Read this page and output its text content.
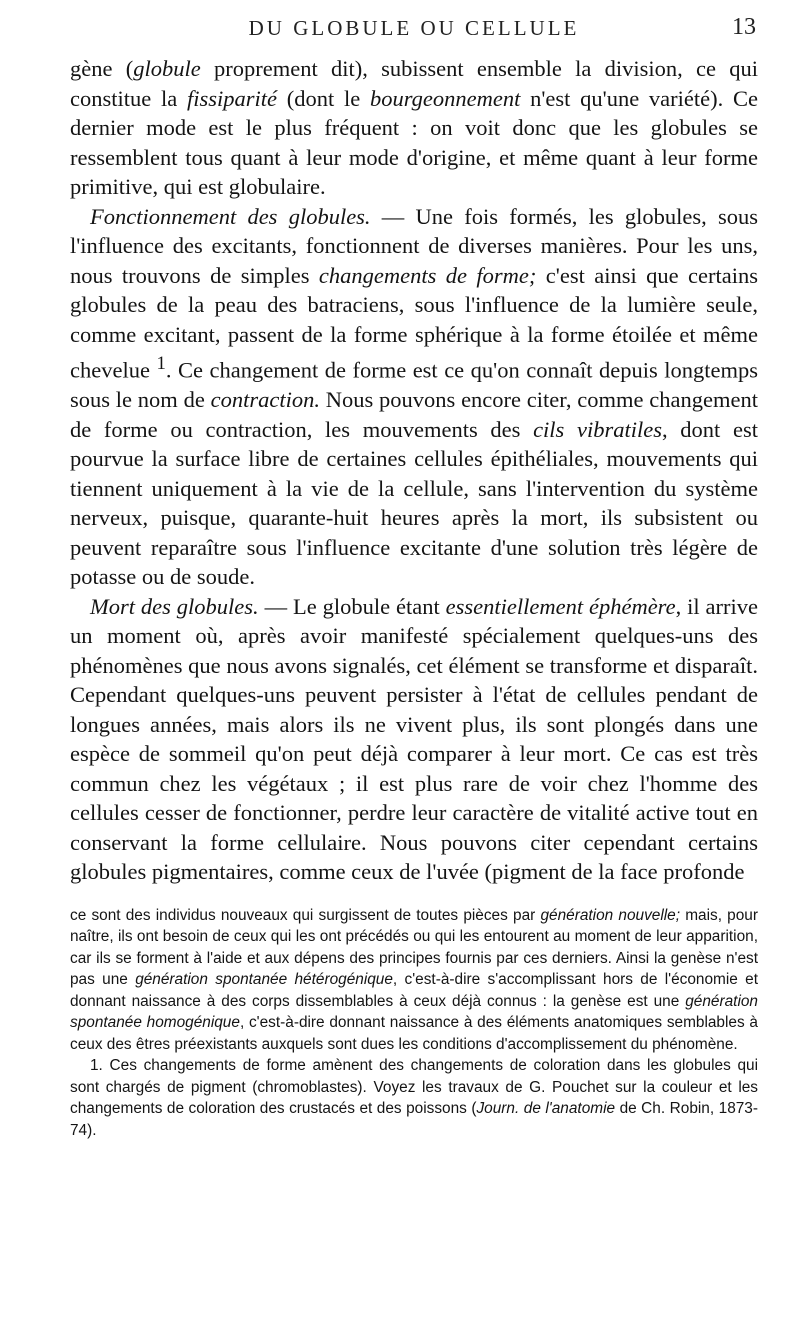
DU GLOBULE OU CELLULE	13

gène (globule proprement dit), subissent ensemble la division, ce qui constitue la fissiparité (dont le bourgeonnement n'est qu'une variété). Ce dernier mode est le plus fréquent : on voit donc que les globules se ressemblent tous quant à leur mode d'origine, et même quant à leur forme primitive, qui est globulaire.

Fonctionnement des globules. — Une fois formés, les globules, sous l'influence des excitants, fonctionnent de diverses manières. Pour les uns, nous trouvons de simples changements de forme; c'est ainsi que certains globules de la peau des batraciens, sous l'influence de la lumière seule, comme excitant, passent de la forme sphérique à la forme étoilée et même chevelue $^1$. Ce changement de forme est ce qu'on connaît depuis longtemps sous le nom de contraction. Nous pouvons encore citer, comme changement de forme ou contraction, les mouvements des cils vibratiles, dont est pourvue la surface libre de certaines cellules épithéliales, mouvements qui tiennent uniquement à la vie de la cellule, sans l'intervention du système nerveux, puisque, quarante-huit heures après la mort, ils subsistent ou peuvent reparaître sous l'influence excitante d'une solution très légère de potasse ou de soude.

Mort des globules. — Le globule étant essentiellement éphémère, il arrive un moment où, après avoir manifesté spécialement quelques-uns des phénomènes que nous avons signalés, cet élément se transforme et disparaît. Cependant quelques-uns peuvent persister à l'état de cellules pendant de longues années, mais alors ils ne vivent plus, ils sont plongés dans une espèce de sommeil qu'on peut déjà comparer à leur mort. Ce cas est très commun chez les végétaux ; il est plus rare de voir chez l'homme des cellules cesser de fonctionner, perdre leur caractère de vitalité active tout en conservant la forme cellulaire. Nous pouvons citer cependant certains globules pigmentaires, comme ceux de l'uvée (pigment de la face profonde

ce sont des individus nouveaux qui surgissent de toutes pièces par génération nouvelle; mais, pour naître, ils ont besoin de ceux qui les ont précédés ou qui les entourent au moment de leur apparition, car ils se forment à l'aide et aux dépens des principes fournis par ces derniers. Ainsi la genèse n'est pas une génération spontanée hétérogénique, c'est-à-dire s'accomplissant hors de l'économie et donnant naissance à des corps dissemblables à ceux déjà connus : la genèse est une génération spontanée homogénique, c'est-à-dire donnant naissance à des éléments anatomiques semblables à ceux des êtres préexistants auxquels sont dues les conditions d'accomplissement du phénomène.

1. Ces changements de forme amènent des changements de coloration dans les globules qui sont chargés de pigment (chromoblastes). Voyez les travaux de G. Pouchet sur la couleur et les changements de coloration des crustacés et des poissons (Journ. de l'anatomie de Ch. Robin, 1873-74).
